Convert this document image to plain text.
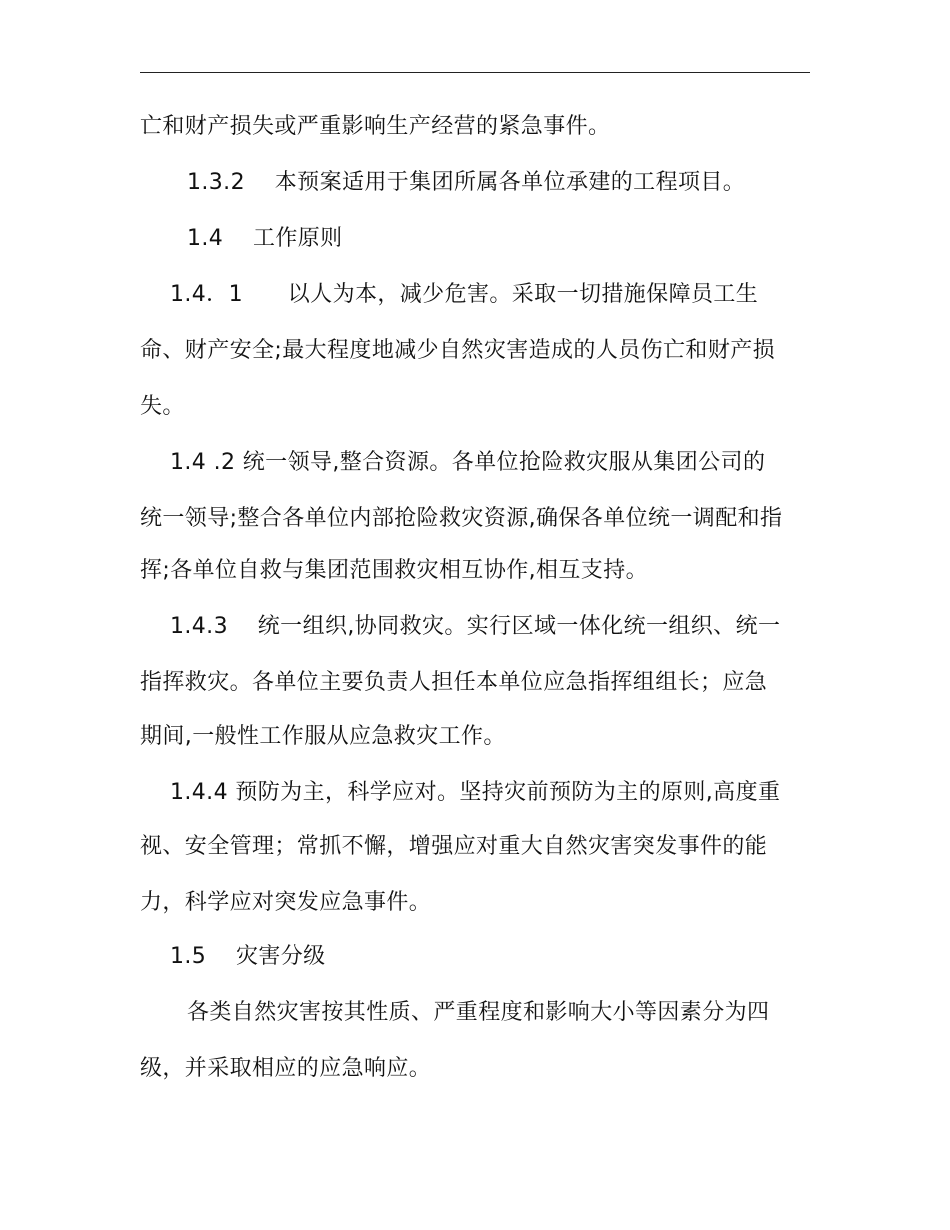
亡和财产损失或严重影响生产经营的紧急事件。
1.3.2　 本预案适用于集团所属各单位承建的工程项目。
1.4　 工作原则
1.4．1　　以人为本，减少危害。采取一切措施保障员工生
命、财产安全;最大程度地减少自然灾害造成的人员伤亡和财产损
失。
1.4 .2 统一领导,整合资源。各单位抢险救灾服从集团公司的
统一领导;整合各单位内部抢险救灾资源,确保各单位统一调配和指
挥;各单位自救与集团范围救灾相互协作,相互支持。
1.4.3　 统一组织,协同救灾。实行区域一体化统一组织、统一
指挥救灾。各单位主要负责人担任本单位应急指挥组组长；应急
期间,一般性工作服从应急救灾工作。
1.4.4 预防为主，科学应对。坚持灾前预防为主的原则,高度重
视、安全管理；常抓不懈，增强应对重大自然灾害突发事件的能
力，科学应对突发应急事件。
1.5　 灾害分级
各类自然灾害按其性质、严重程度和影响大小等因素分为四
级，并采取相应的应急响应。
